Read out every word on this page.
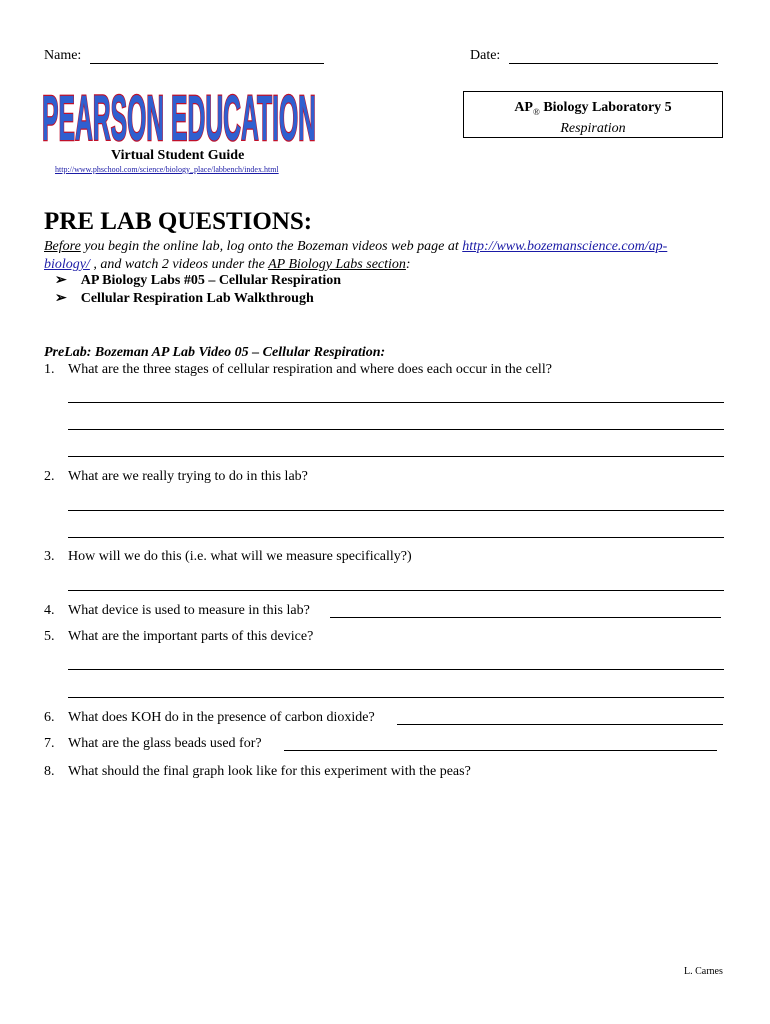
Name:	Date:
PEARSON EDUCATION
Virtual Student Guide
http://www.phschool.com/science/biology_place/labbench/index.html
$AP_®$ Biology Laboratory 5
Respiration
PRE LAB QUESTIONS:
Before you begin the online lab, log onto the Bozeman videos web page at http://www.bozemanscience.com/ap-
biology/ , and watch 2 videos under the AP Biology Labs section:
➢ AP Biology Labs #05 – Cellular Respiration
➢ Cellular Respiration Lab Walkthrough
PreLab: Bozeman AP Lab Video 05 – Cellular Respiration:
1. What are the three stages of cellular respiration and where does each occur in the cell?
2. What are we really trying to do in this lab?
3. How will we do this (i.e. what will we measure specifically?)
4. What device is used to measure in this lab?
5. What are the important parts of this device?
6. What does KOH do in the presence of carbon dioxide?
7. What are the glass beads used for?
8. What should the final graph look like for this experiment with the peas?
L. Carnes
